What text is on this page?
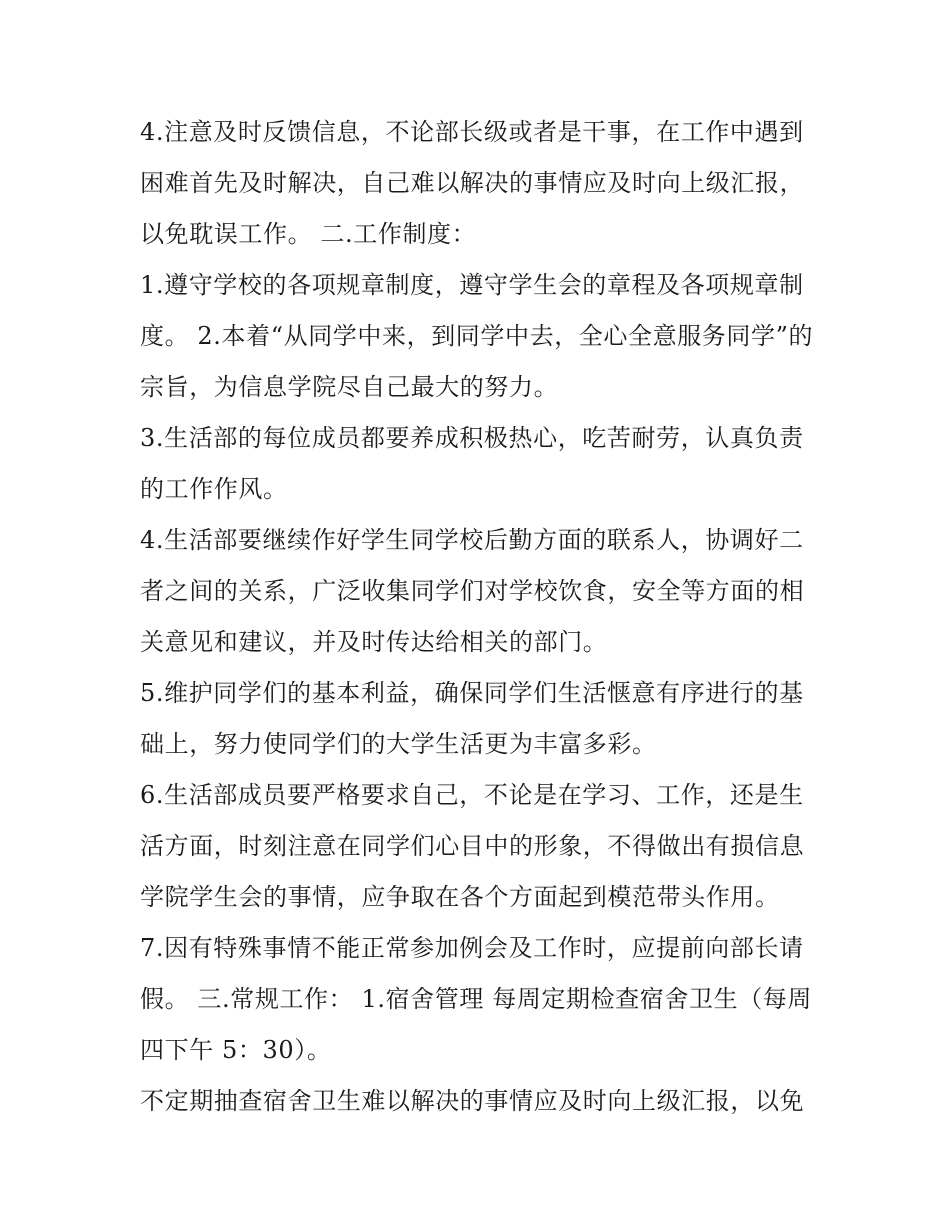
4.注意及时反馈信息，不论部长级或者是干事，在工作中遇到困难首先及时解决，自己难以解决的事情应及时向上级汇报，以免耽误工作。 二.工作制度：

1.遵守学校的各项规章制度，遵守学生会的章程及各项规章制度。 2.本着“从同学中来，到同学中去，全心全意服务同学”的宗旨，为信息学院尽自己最大的努力。

3.生活部的每位成员都要养成积极热心，吃苦耐劳，认真负责的工作作风。

4.生活部要继续作好学生同学校后勤方面的联系人，协调好二者之间的关系，广泛收集同学们对学校饮食，安全等方面的相关意见和建议，并及时传达给相关的部门。

5.维护同学们的基本利益，确保同学们生活惬意有序进行的基础上，努力使同学们的大学生活更为丰富多彩。

6.生活部成员要严格要求自己，不论是在学习、工作，还是生活方面，时刻注意在同学们心目中的形象，不得做出有损信息学院学生会的事情，应争取在各个方面起到模范带头作用。

7.因有特殊事情不能正常参加例会及工作时，应提前向部长请假。 三.常规工作： 1.宿舍管理 每周定期检查宿舍卫生（每周四下午 5：30）。

不定期抽查宿舍卫生难以解决的事情应及时向上级汇报，以免
